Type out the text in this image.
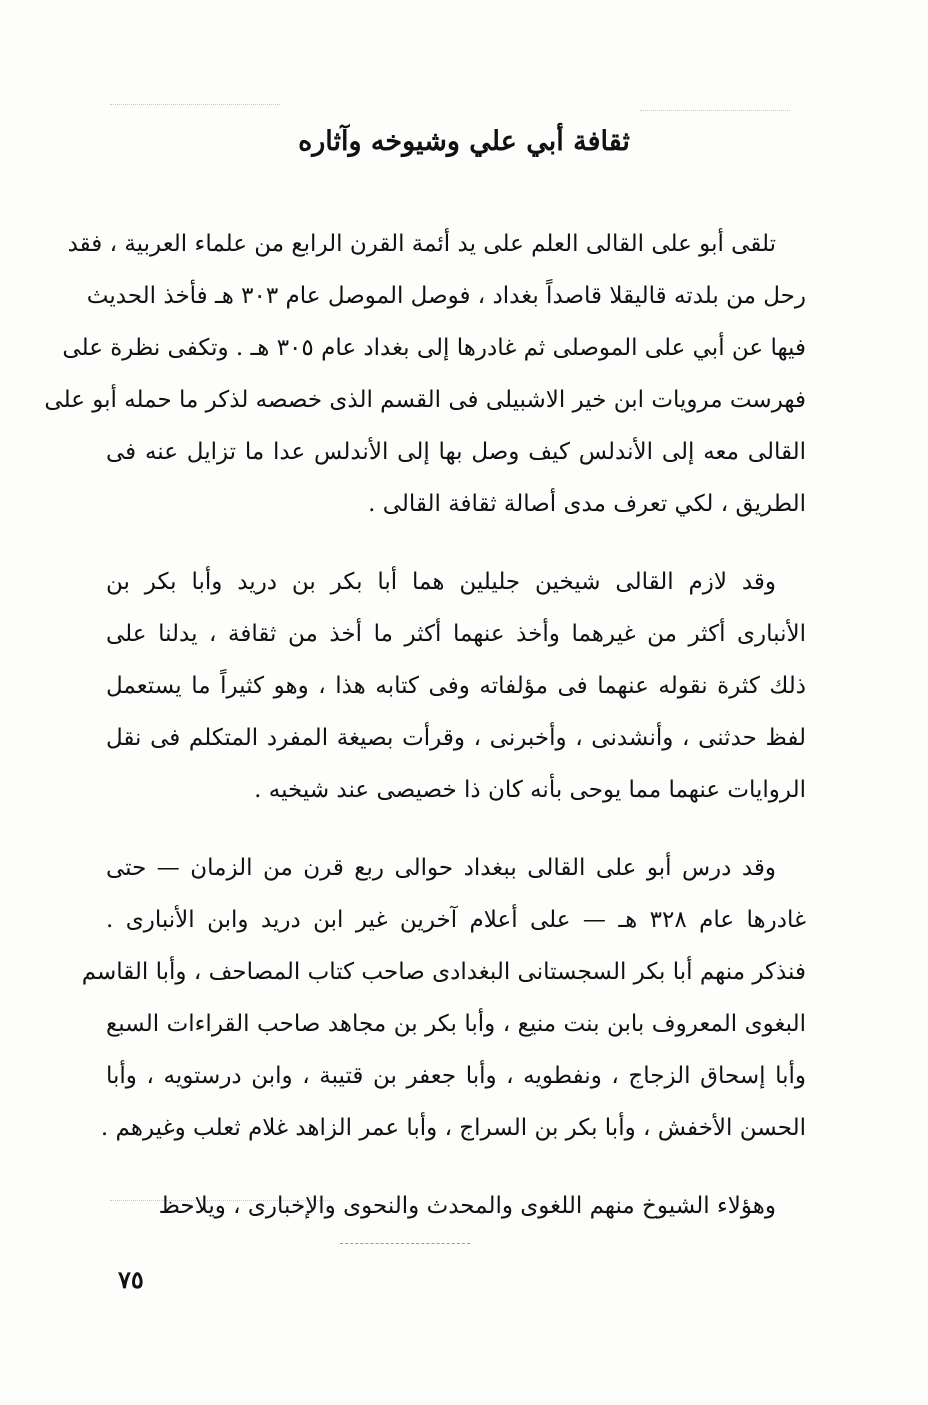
ثقافة أبي علي وشيوخه وآثاره
تلقى أبو على القالى العلم على يد أئمة القرن الرابع من علماء العربية ، فقد
رحل من بلدته قاليقلا قاصداً بغداد ، فوصل الموصل عام ٣٠٣ هـ فأخذ الحديث
فيها عن أبي على الموصلى ثم غادرها إلى بغداد عام ٣٠٥ هـ . وتكفى نظرة على
فهرست مرويات ابن خير الاشبيلى فى القسم الذى خصصه لذكر ما حمله أبو على
القالى معه إلى الأندلس كيف وصل بها إلى الأندلس عدا ما تزايل عنه فى
الطريق ، لكي تعرف مدى أصالة ثقافة القالى .
وقد لازم القالى شيخين جليلين هما أبا بكر بن دريد وأبا بكر بن
الأنبارى أكثر من غيرهما وأخذ عنهما أكثر ما أخذ من ثقافة ، يدلنا على
ذلك كثرة نقوله عنهما فى مؤلفاته وفى كتابه هذا ، وهو كثيراً ما يستعمل
لفظ حدثنى ، وأنشدنى ، وأخبرنى ، وقرأت بصيغة المفرد المتكلم فى نقل
الروايات عنهما مما يوحى بأنه كان ذا خصيصى عند شيخيه .
وقد درس أبو على القالى ببغداد حوالى ربع قرن من الزمان — حتى
غادرها عام ٣٢٨ هـ — على أعلام آخرين غير ابن دريد وابن الأنبارى .
فنذكر منهم أبا بكر السجستانى البغدادى صاحب كتاب المصاحف ، وأبا القاسم
البغوى المعروف بابن بنت منيع ، وأبا بكر بن مجاهد صاحب القراءات السبع
وأبا إسحاق الزجاج ، ونفطويه ، وأبا جعفر بن قتيبة ، وابن درستويه ، وأبا
الحسن الأخفش ، وأبا بكر بن السراج ، وأبا عمر الزاهد غلام ثعلب وغيرهم .
وهؤلاء الشيوخ منهم اللغوى والمحدث والنحوى والإخبارى ، ويلاحظ
٧٥
